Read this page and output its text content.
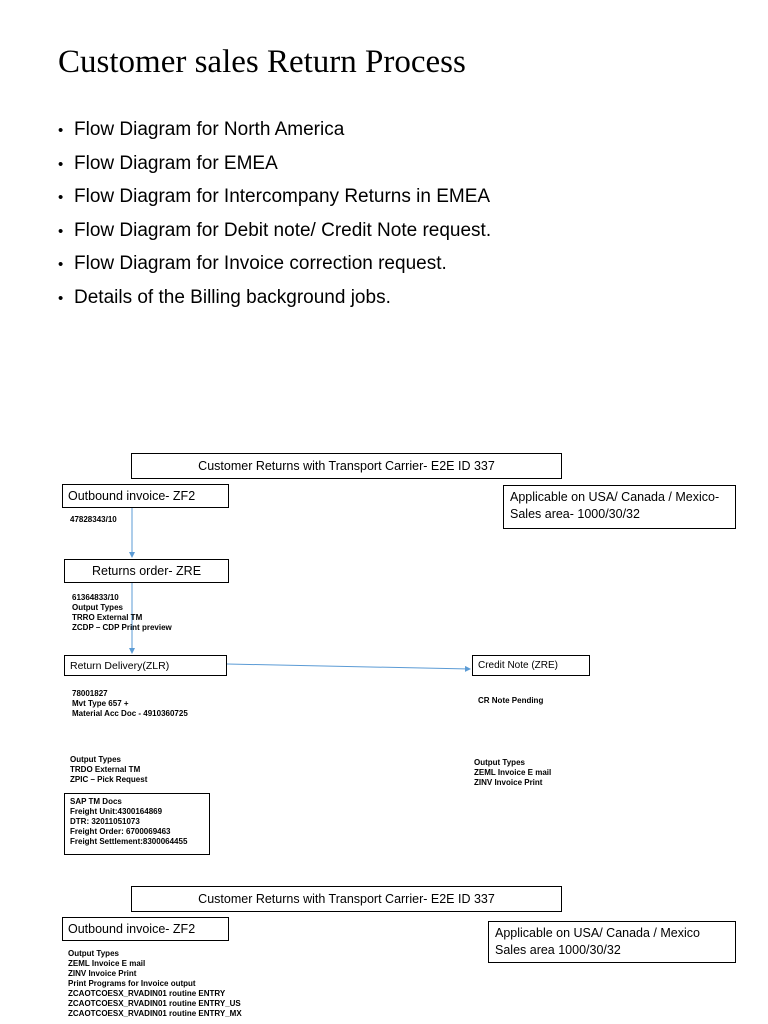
Customer sales Return Process
• Flow Diagram for North America
• Flow Diagram for EMEA
• Flow Diagram for Intercompany Returns in EMEA
• Flow Diagram for Debit note/ Credit Note request.
• Flow Diagram for Invoice correction request.
• Details of the Billing background jobs.
Customer Returns with Transport Carrier- E2E ID 337
Outbound invoice- ZF2
47828343/10
Applicable on USA/ Canada / Mexico-
Sales area- 1000/30/32
Returns order- ZRE
61364833/10
Output Types
TRRO External TM
ZCDP – CDP Print preview
Return Delivery(ZLR)
78001827
Mvt Type 657 +
Material Acc Doc - 4910360725
Output Types
TRDO External TM
ZPIC – Pick Request
Credit Note (ZRE)
CR Note Pending
Output Types
ZEML Invoice E mail
ZINV Invoice Print
SAP TM Docs
Freight Unit:4300164869
DTR: 32011051073
Freight Order: 6700069463
Freight Settlement:8300064455
Customer Returns with Transport Carrier- E2E ID 337
Outbound invoice- ZF2	Applicable on USA/ Canada / Mexico
Sales area 1000/30/32
Output Types
ZEML Invoice E mail
ZINV Invoice Print
Print Programs for Invoice output
ZCAOTCOESX_RVADIN01 routine ENTRY
ZCAOTCOESX_RVADIN01 routine ENTRY_US
ZCAOTCOESX_RVADIN01 routine ENTRY_MX
